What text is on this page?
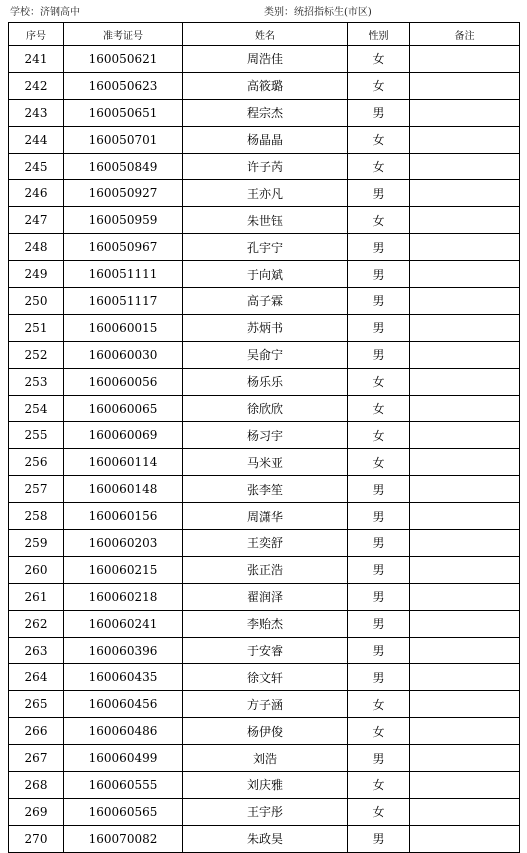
学校：济钢高中	类别：统招指标生(市区)
序号	准考证号	姓名	性别	备注
241	160050621	周浩佳	女	
242	160050623	高筱璐	女	
243	160050651	程宗杰	男	
244	160050701	杨晶晶	女	
245	160050849	许子芮	女	
246	160050927	王亦凡	男	
247	160050959	朱世钰	女	
248	160050967	孔宇宁	男	
249	160051111	于向斌	男	
250	160051117	高子霖	男	
251	160060015	苏炳书	男	
252	160060030	吴俞宁	男	
253	160060056	杨乐乐	女	
254	160060065	徐欣欣	女	
255	160060069	杨习宇	女	
256	160060114	马米亚	女	
257	160060148	张李笙	男	
258	160060156	周潇华	男	
259	160060203	王奕舒	男	
260	160060215	张正浩	男	
261	160060218	翟润泽	男	
262	160060241	李贻杰	男	
263	160060396	于安睿	男	
264	160060435	徐文轩	男	
265	160060456	方子涵	女	
266	160060486	杨伊俊	女	
267	160060499	刘浩	男	
268	160060555	刘庆雅	女	
269	160060565	王宇彤	女	
270	160070082	朱政昊	男	
